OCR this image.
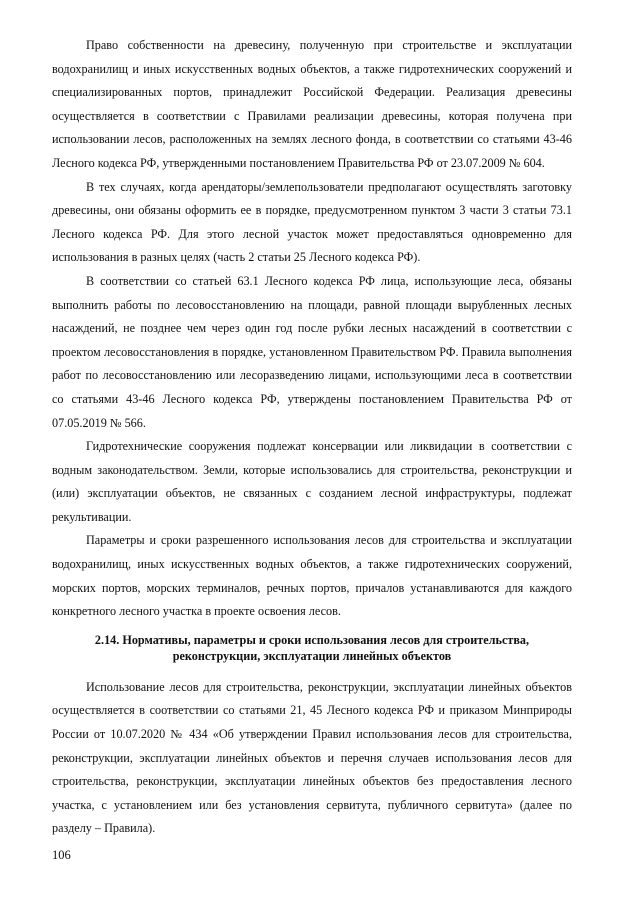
Право собственности на древесину, полученную при строительстве и эксплуатации водохранилищ и иных искусственных водных объектов, а также гидротехнических сооружений и специализированных портов, принадлежит Российской Федерации. Реализация древесины осуществляется в соответствии с Правилами реализации древесины, которая получена при использовании лесов, расположенных на землях лесного фонда, в соответствии со статьями 43-46 Лесного кодекса РФ, утвержденными постановлением Правительства РФ от 23.07.2009 № 604.

В тех случаях, когда арендаторы/землепользователи предполагают осуществлять заготовку древесины, они обязаны оформить ее в порядке, предусмотренном пунктом 3 части 3 статьи 73.1 Лесного кодекса РФ. Для этого лесной участок может предоставляться одновременно для использования в разных целях (часть 2 статьи 25 Лесного кодекса РФ).

В соответствии со статьей 63.1 Лесного кодекса РФ лица, использующие леса, обязаны выполнить работы по лесовосстановлению на площади, равной площади вырубленных лесных насаждений, не позднее чем через один год после рубки лесных насаждений в соответствии с проектом лесовосстановления в порядке, установленном Правительством РФ. Правила выполнения работ по лесовосстановлению или лесоразведению лицами, использующими леса в соответствии со статьями 43-46 Лесного кодекса РФ, утверждены постановлением Правительства РФ от 07.05.2019 № 566.

Гидротехнические сооружения подлежат консервации или ликвидации в соответствии с водным законодательством. Земли, которые использовались для строительства, реконструкции и (или) эксплуатации объектов, не связанных с созданием лесной инфраструктуры, подлежат рекультивации.

Параметры и сроки разрешенного использования лесов для строительства и эксплуатации водохранилищ, иных искусственных водных объектов, а также гидротехнических сооружений, морских портов, морских терминалов, речных портов, причалов устанавливаются для каждого конкретного лесного участка в проекте освоения лесов.

2.14. Нормативы, параметры и сроки использования лесов для строительства,
реконструкции, эксплуатации линейных объектов

Использование лесов для строительства, реконструкции, эксплуатации линейных объектов осуществляется в соответствии со статьями 21, 45 Лесного кодекса РФ и приказом Минприроды России от 10.07.2020 № 434 «Об утверждении Правил использования лесов для строительства, реконструкции, эксплуатации линейных объектов и перечня случаев использования лесов для строительства, реконструкции, эксплуатации линейных объектов без предоставления лесного участка, с установлением или без установления сервитута, публичного сервитута» (далее по разделу – Правила).

106
